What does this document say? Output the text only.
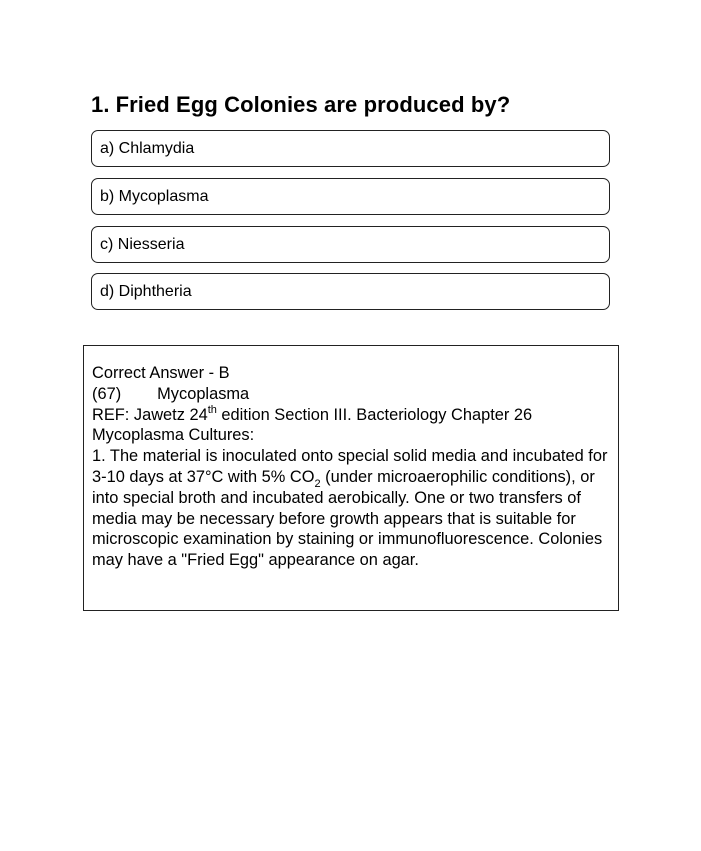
1. Fried Egg Colonies are produced by?
a) Chlamydia
b) Mycoplasma
c) Niesseria
d) Diphtheria

Correct Answer - B

(67) Mycoplasma

REF: Jawetz 24th edition Section III. Bacteriology Chapter 26

Mycoplasma Cultures:

1. The material is inoculated onto special solid media and incubated for 3-10 days at 37°C with 5% $CO_2$ (under microaerophilic conditions), or into special broth and incubated aerobically. One or two transfers of media may be necessary before growth appears that is suitable for microscopic examination by staining or immunofluorescence. Colonies may have a "Fried Egg" appearance on agar.
